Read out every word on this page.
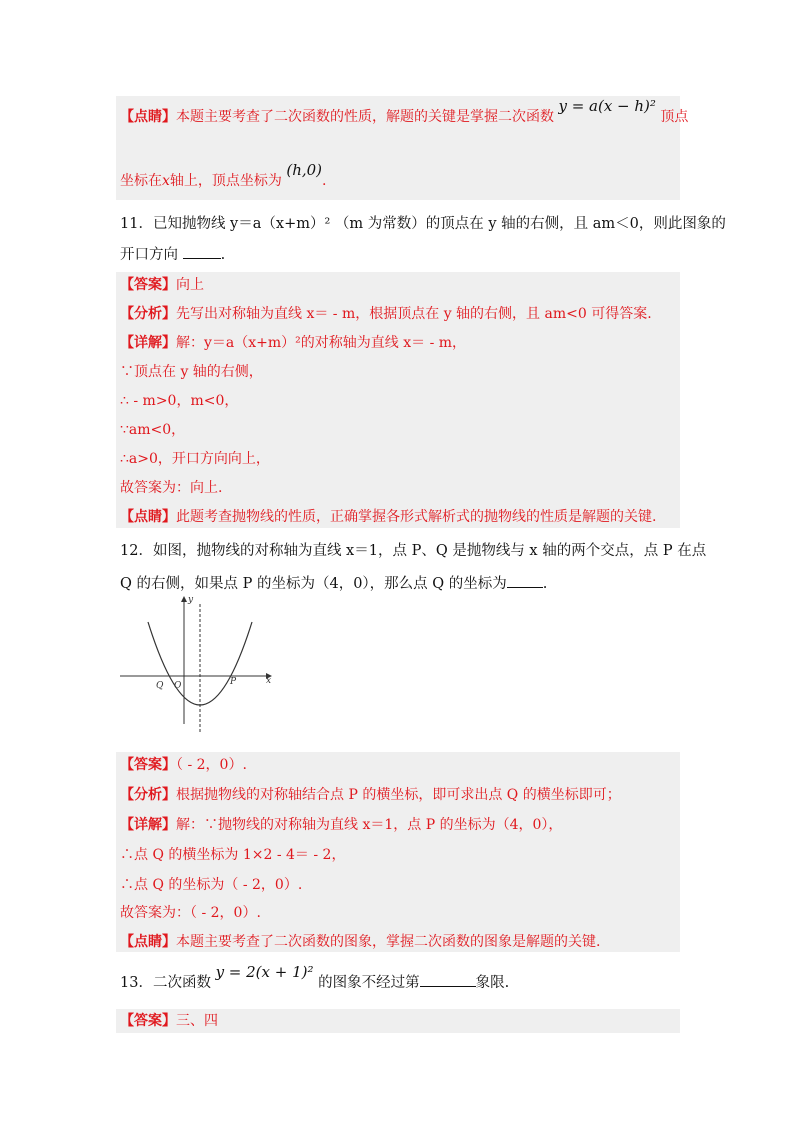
【点睛】本题主要考查了二次函数的性质，解题的关键是掌握二次函数 y = a(x − h)² 顶点
坐标在x轴上，顶点坐标为 (h,0).
11．已知抛物线 y＝a（x+m）² （m 为常数）的顶点在 y 轴的右侧，且 am＜0，则此图象的
开口方向	.
【答案】向上
【分析】先写出对称轴为直线 x＝ - m，根据顶点在 y 轴的右侧，且 am<0 可得答案.
【详解】解：y＝a（x+m）²的对称轴为直线 x＝ - m，
∵顶点在 y 轴的右侧，
∴ - m>0，m<0，
∵am<0，
∴a>0，开口方向向上，
故答案为：向上.
【点睛】此题考查抛物线的性质，正确掌握各形式解析式的抛物线的性质是解题的关键.
12．如图，抛物线的对称轴为直线 x＝1，点 P、Q 是抛物线与 x 轴的两个交点，点 P 在点
Q 的右侧，如果点 P 的坐标为（4，0），那么点 Q 的坐标为 .
x
y
Q O	P
【答案】（ - 2，0）.
【分析】根据抛物线的对称轴结合点 P 的横坐标，即可求出点 Q 的横坐标即可；
【详解】解：∵抛物线的对称轴为直线 x＝1，点 P 的坐标为（4，0），
∴点 Q 的横坐标为 1×2 - 4＝ - 2，
∴点 Q 的坐标为（ - 2，0）.
故答案为：（ - 2，0）.
【点睛】本题主要考查了二次函数的图象，掌握二次函数的图象是解题的关键.
13．二次函数 y = 2(x + 1)² 的图象不经过第	象限.
【答案】三、四
